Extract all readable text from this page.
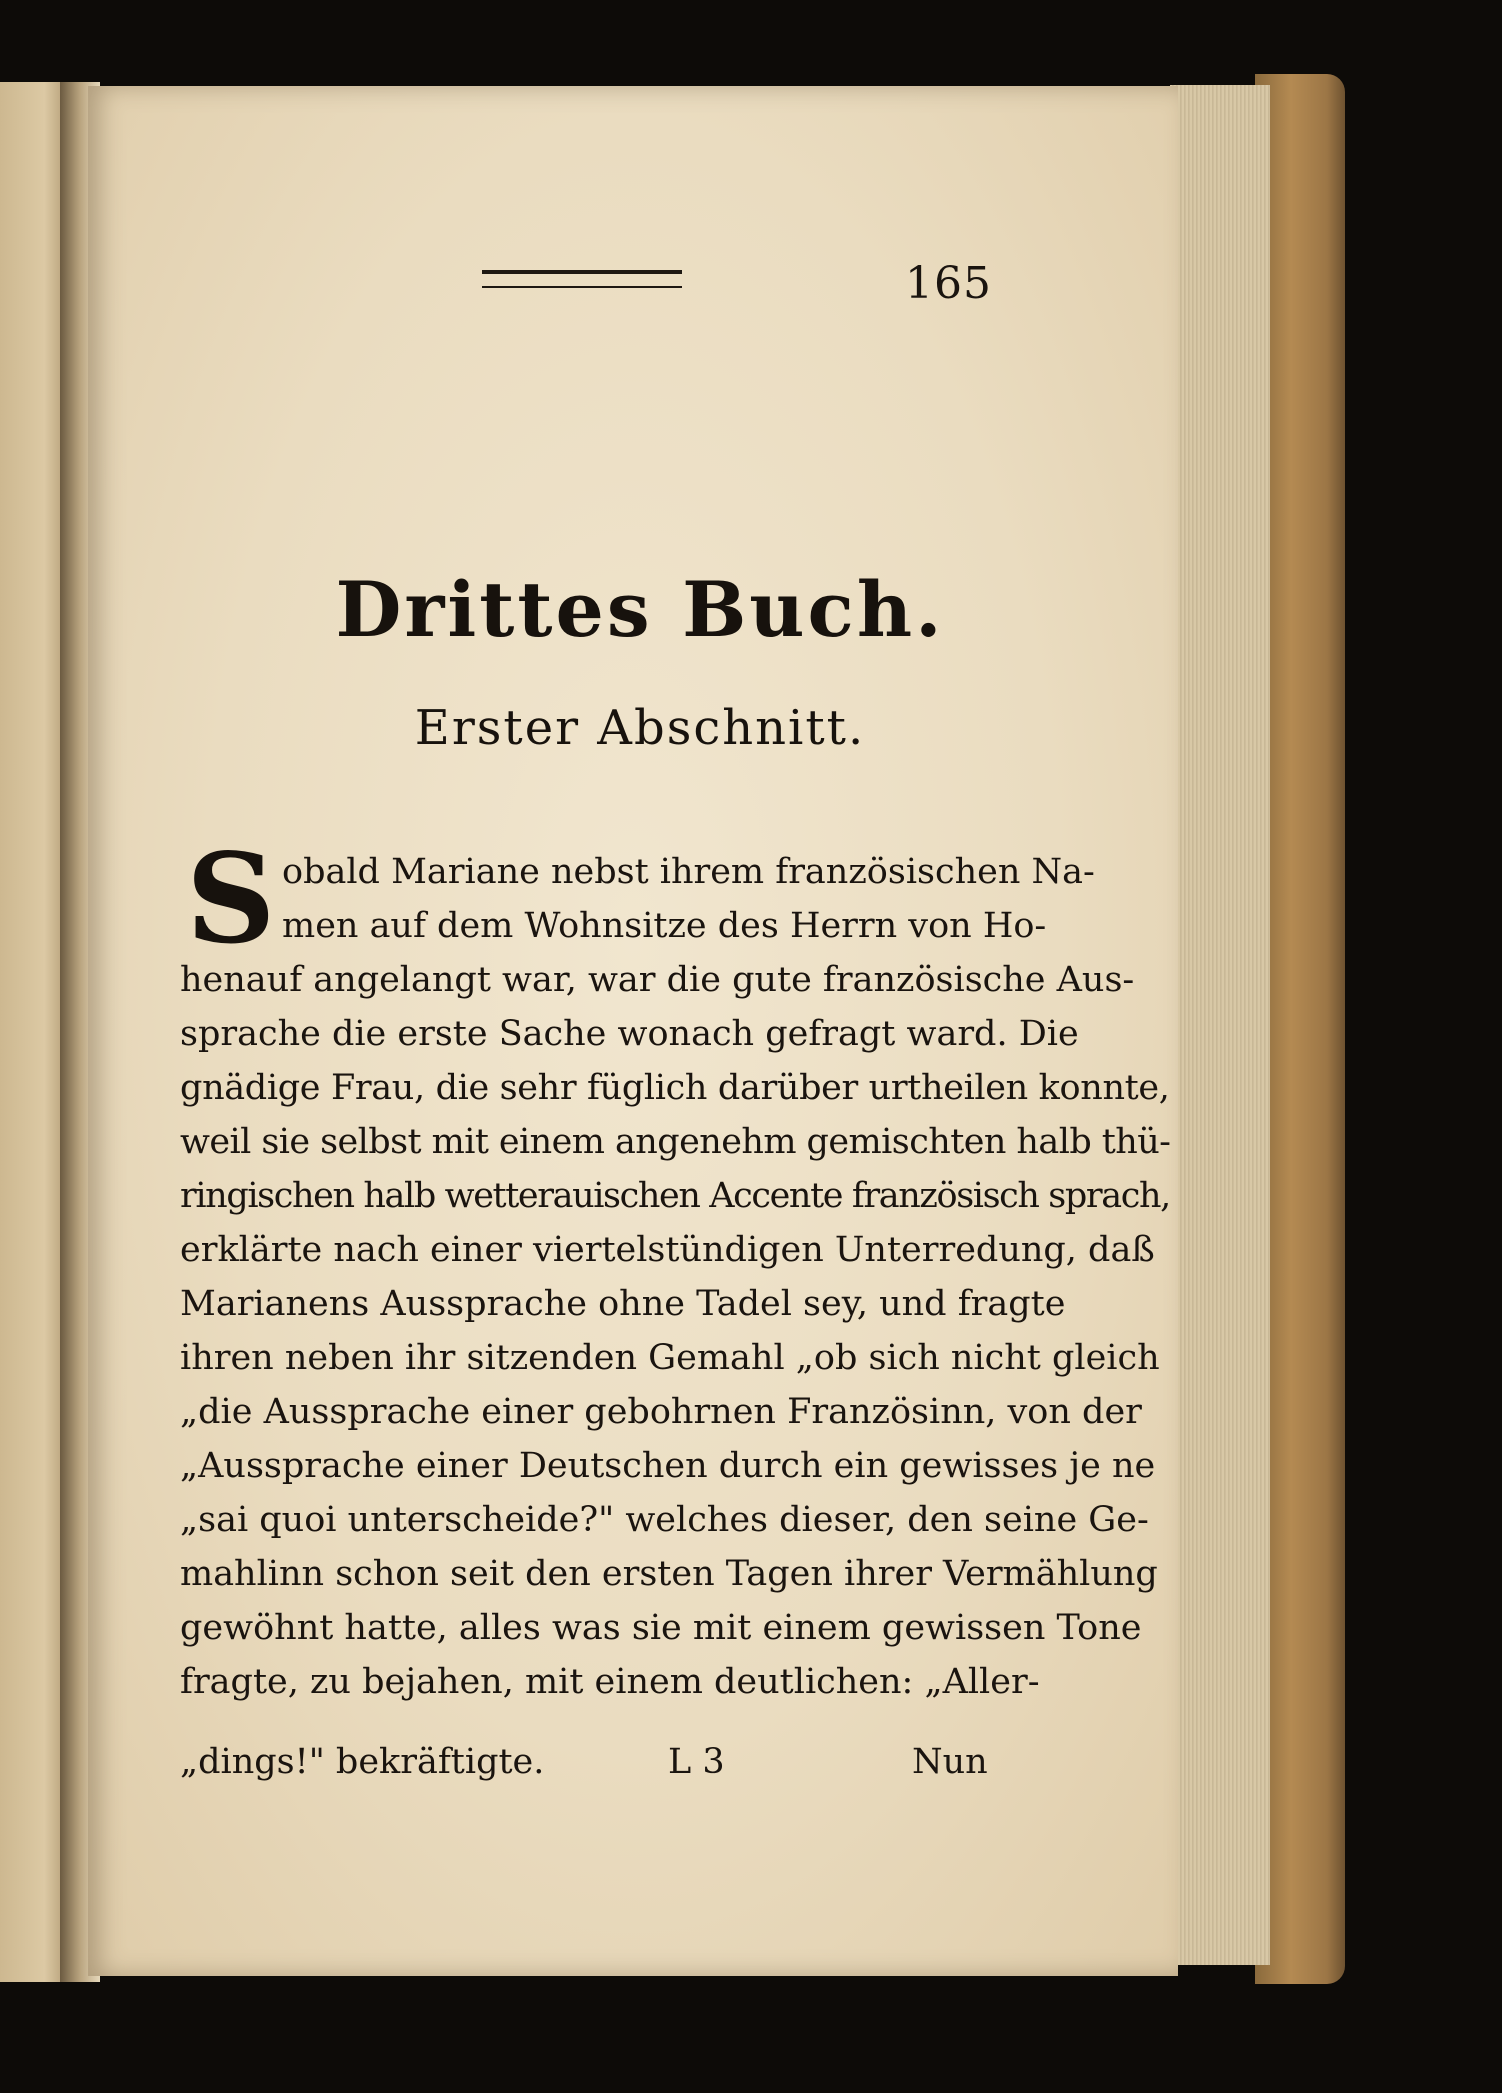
165
Drittes Buch.
Erster Abschnitt.
S obald Mariane nebst ihrem französischen Na-
men auf dem Wohnsitze des Herrn von Ho-
henauf angelangt war, war die gute französische Aus-
sprache die erste Sache wonach gefragt ward. Die
gnädige Frau, die sehr füglich darüber urtheilen konnte,
weil sie selbst mit einem angenehm gemischten halb thü-
ringischen halb wetterauischen Accente französisch sprach,
erklärte nach einer viertelstündigen Unterredung, daß
Marianens Aussprache ohne Tadel sey, und fragte
ihren neben ihr sitzenden Gemahl „ob sich nicht gleich
„die Aussprache einer gebohrnen Französinn, von der
„Aussprache einer Deutschen durch ein gewisses je ne
„sai quoi unterscheide?" welches dieser, den seine Ge-
mahlinn schon seit den ersten Tagen ihrer Vermählung
gewöhnt hatte, alles was sie mit einem gewissen Tone
fragte, zu bejahen, mit einem deutlichen: „Aller-
„dings!" bekräftigte.	L 3	Nun
